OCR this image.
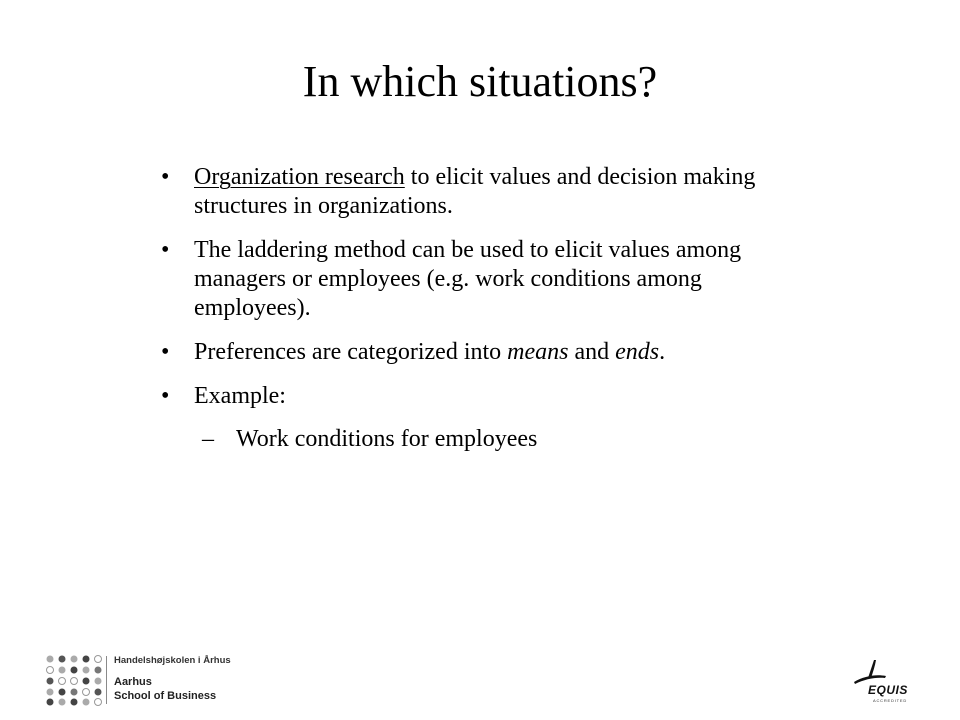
In which situations?
• Organization research to elicit values and decision making structures in organizations.
• The laddering method can be used to elicit values among managers or employees (e.g. work conditions among employees).
• Preferences are categorized into means and ends.
• Example:
– Work conditions for employees
Handelshøjskolen i Århus
Aarhus
School of Business	EQUIS
ACCREDITED
